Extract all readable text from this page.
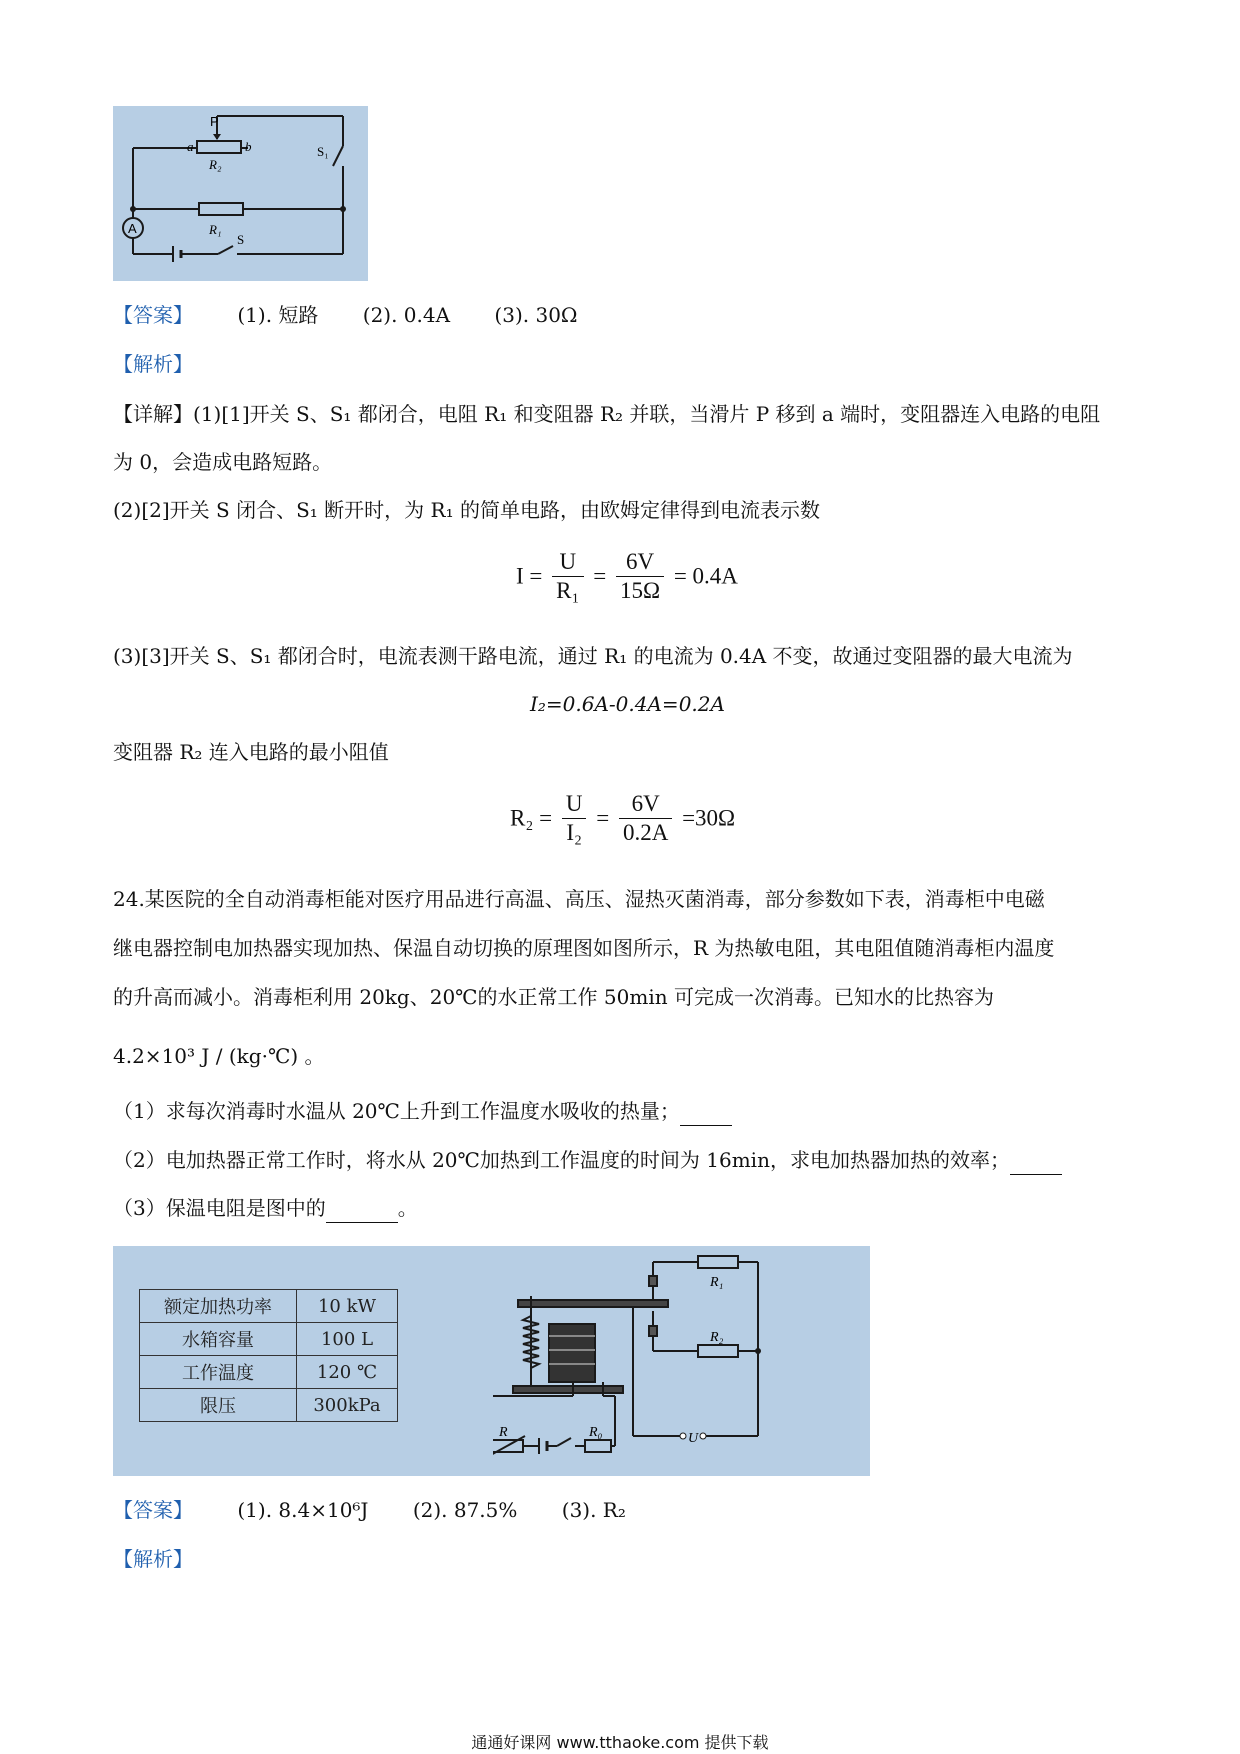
A
P
a	b
R₂
S₁
R₁
S
【答案】 (1). 短路 (2). 0.4A (3). 30Ω
【解析】
【详解】(1)[1]开关 S、S₁ 都闭合，电阻 R₁ 和变阻器 R₂ 并联，当滑片 P 移到 a 端时，变阻器连入电路的电阻
为 0，会造成电路短路。
(2)[2]开关 S 闭合、S₁ 断开时，为 R₁ 的简单电路，由欧姆定律得到电流表示数
$I = \frac{U}{\text{R₁}} = \frac{6V}{15\Omega} = 0.4A$
(3)[3]开关 S、S₁ 都闭合时，电流表测干路电流，通过 R₁ 的电流为 0.4A 不变，故通过变阻器的最大电流为
I₂=0.6A-0.4A=0.2A
变阻器 R₂ 连入电路的最小阻值
$R_2 = \frac{U}{\text{I₂}} = \frac{6V}{0.2A} =30\Omega$
24.某医院的全自动消毒柜能对医疗用品进行高温、高压、湿热灭菌消毒，部分参数如下表，消毒柜中电磁
继电器控制电加热器实现加热、保温自动切换的原理图如图所示，R 为热敏电阻，其电阻值随消毒柜内温度
的升高而减小。消毒柜利用 20kg、20℃的水正常工作 50min 可完成一次消毒。已知水的比热容为
4.2×10³ J / (kg·℃) 。
（1）求每次消毒时水温从 20℃上升到工作温度水吸收的热量；
（2）电加热器正常工作时，将水从 20℃加热到工作温度的时间为 16min，求电加热器加热的效率；
（3）保温电阻是图中的	。
额定加热功率	10 kW
水箱容量	100 L
工作温度	120 ℃
限压	300kPa
R₁
R₂
R	R₀	U
【答案】 (1). 8.4×10⁶J (2). 87.5% (3). R₂
【解析】
通通好课网 www.tthaoke.com 提供下载
